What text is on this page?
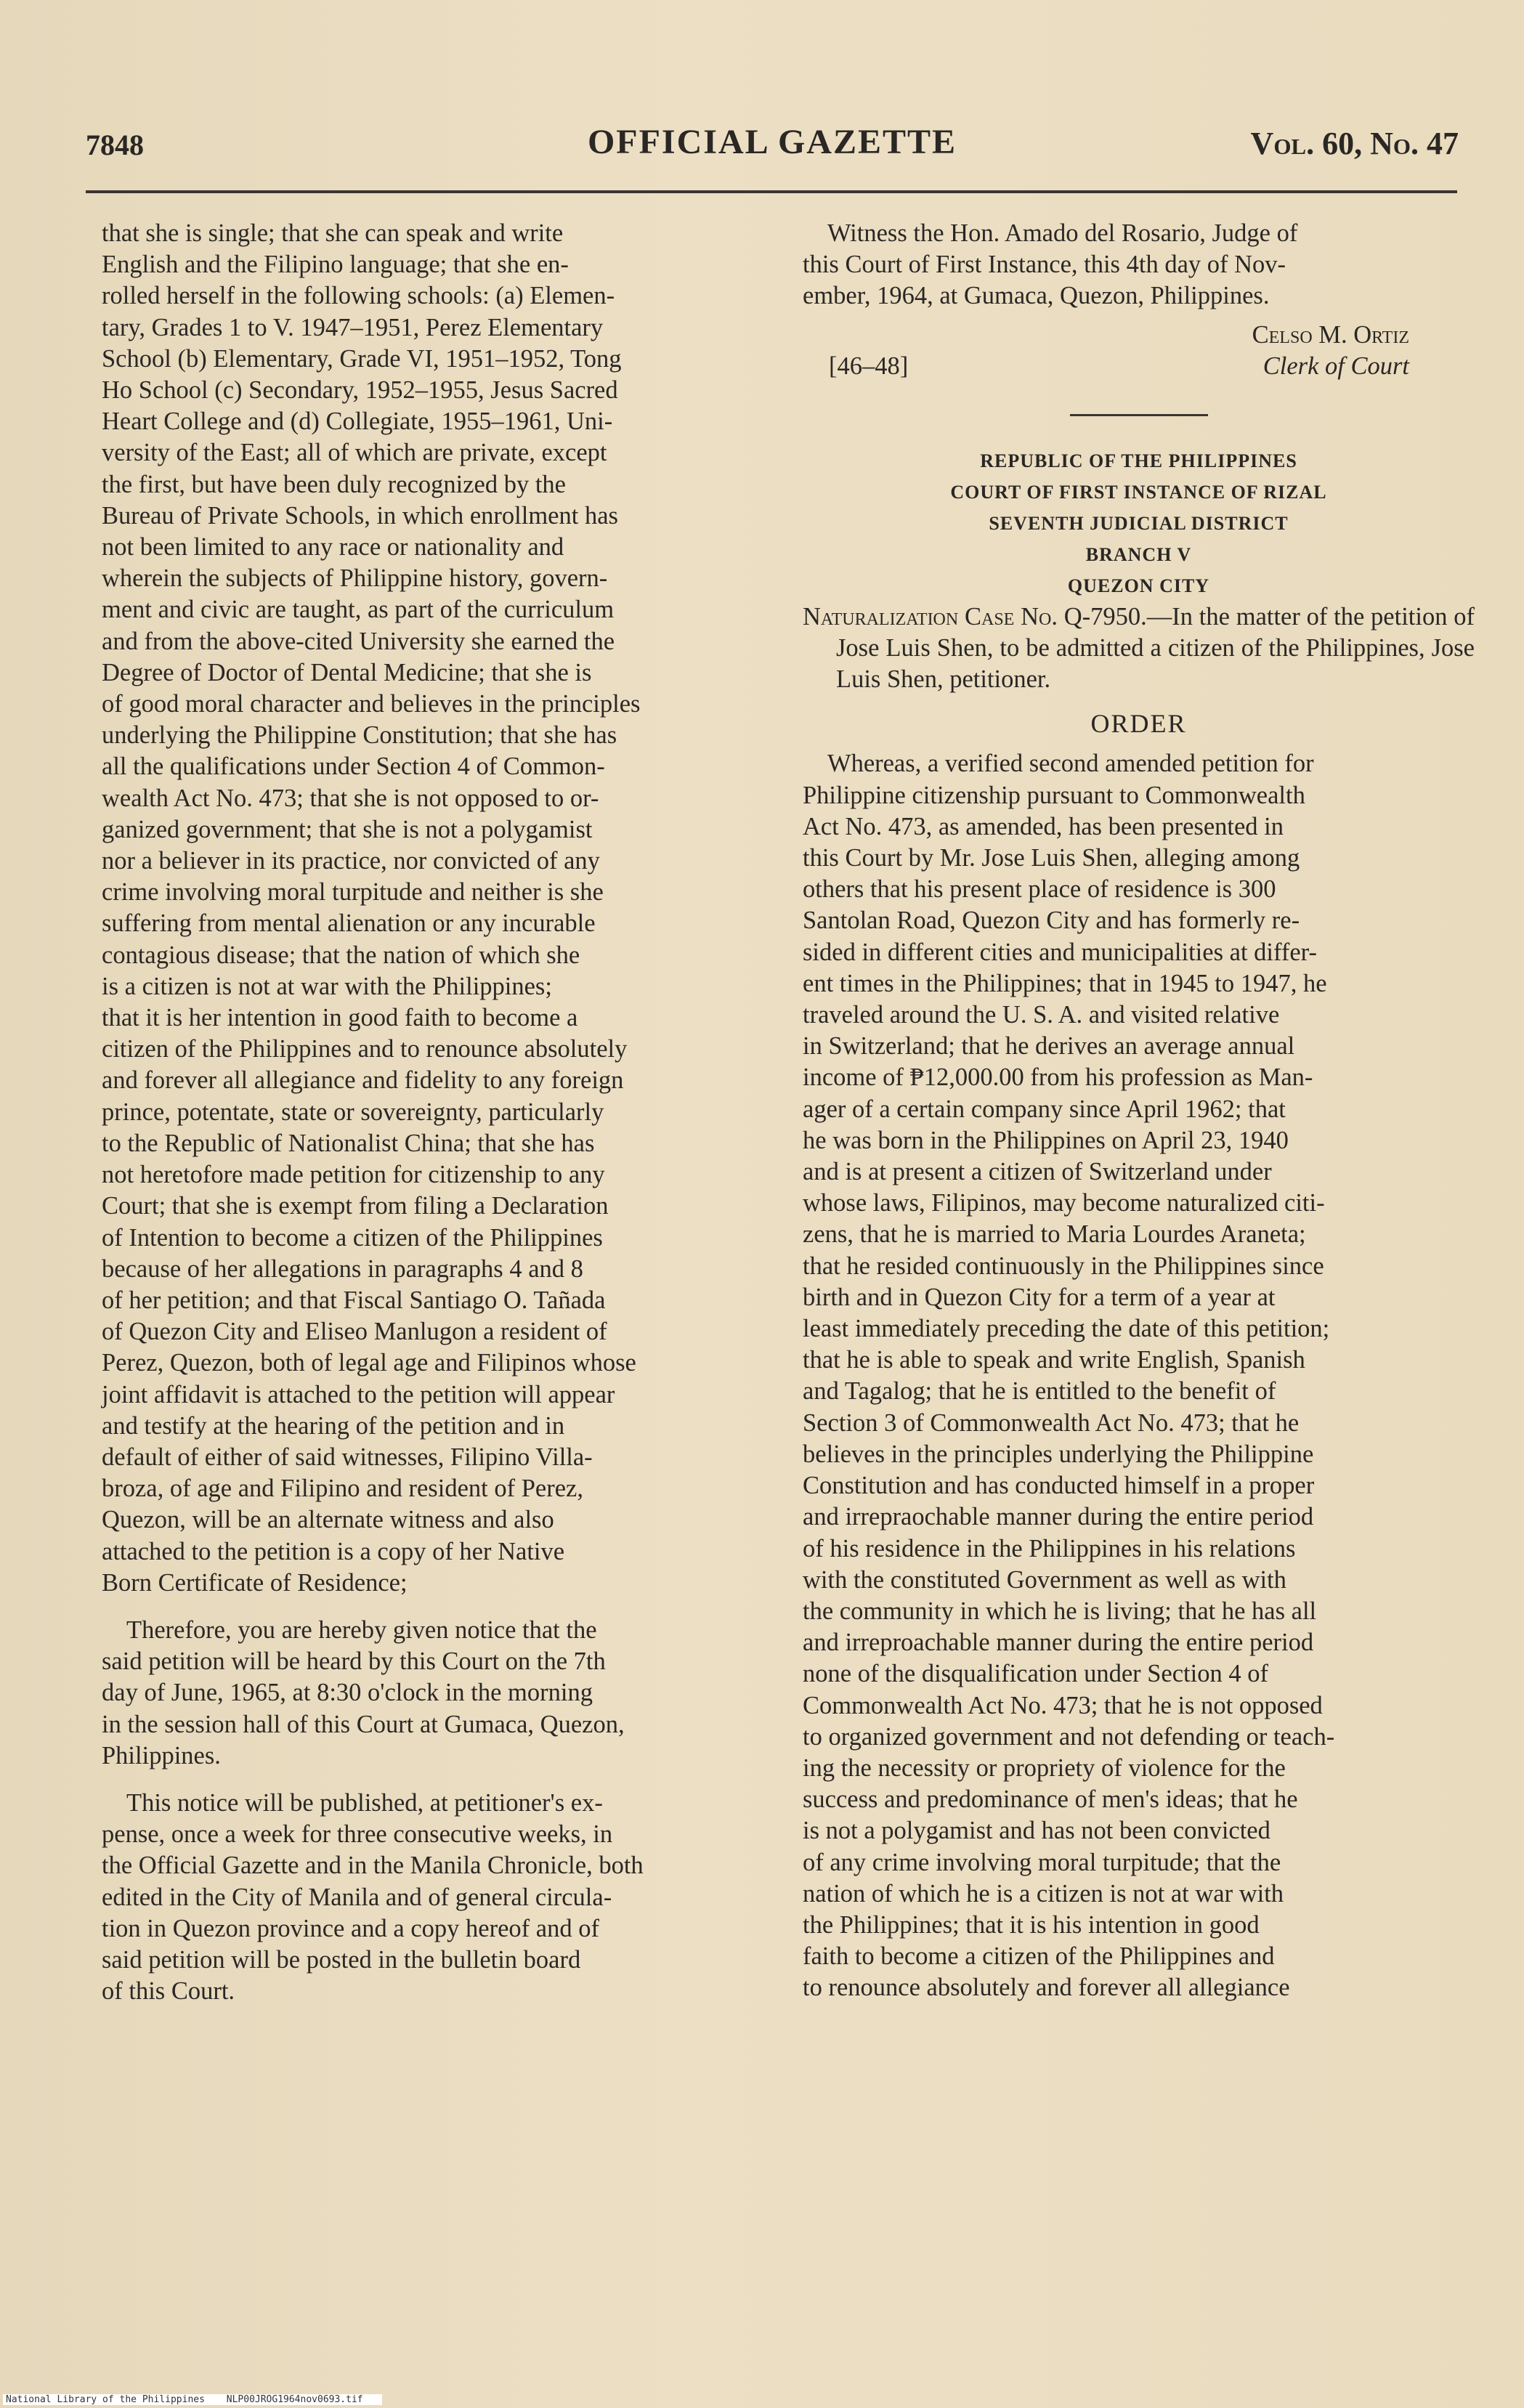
7848	OFFICIAL GAZETTE	Vol. 60, No. 47
that she is single; that she can speak and write
English and the Filipino language; that she en-
rolled herself in the following schools: (a) Elemen-
tary, Grades 1 to V. 1947–1951, Perez Elementary
School (b) Elementary, Grade VI, 1951–1952, Tong
Ho School (c) Secondary, 1952–1955, Jesus Sacred
Heart College and (d) Collegiate, 1955–1961, Uni-
versity of the East; all of which are private, except
the first, but have been duly recognized by the
Bureau of Private Schools, in which enrollment has
not been limited to any race or nationality and
wherein the subjects of Philippine history, govern-
ment and civic are taught, as part of the curriculum
and from the above-cited University she earned the
Degree of Doctor of Dental Medicine; that she is
of good moral character and believes in the principles
underlying the Philippine Constitution; that she has
all the qualifications under Section 4 of Common-
wealth Act No. 473; that she is not opposed to or-
ganized government; that she is not a polygamist
nor a believer in its practice, nor convicted of any
crime involving moral turpitude and neither is she
suffering from mental alienation or any incurable
contagious disease; that the nation of which she
is a citizen is not at war with the Philippines;
that it is her intention in good faith to become a
citizen of the Philippines and to renounce absolutely
and forever all allegiance and fidelity to any foreign
prince, potentate, state or sovereignty, particularly
to the Republic of Nationalist China; that she has
not heretofore made petition for citizenship to any
Court; that she is exempt from filing a Declaration
of Intention to become a citizen of the Philippines
because of her allegations in paragraphs 4 and 8
of her petition; and that Fiscal Santiago O. Tañada
of Quezon City and Eliseo Manlugon a resident of
Perez, Quezon, both of legal age and Filipinos whose
joint affidavit is attached to the petition will appear
and testify at the hearing of the petition and in
default of either of said witnesses, Filipino Villa-
broza, of age and Filipino and resident of Perez,
Quezon, will be an alternate witness and also
attached to the petition is a copy of her Native
Born Certificate of Residence;
Therefore, you are hereby given notice that the
said petition will be heard by this Court on the 7th
day of June, 1965, at 8:30 o'clock in the morning
in the session hall of this Court at Gumaca, Quezon,
Philippines.
This notice will be published, at petitioner's ex-
pense, once a week for three consecutive weeks, in
the Official Gazette and in the Manila Chronicle, both
edited in the City of Manila and of general circula-
tion in Quezon province and a copy hereof and of
said petition will be posted in the bulletin board
of this Court.
Witness the Hon. Amado del Rosario, Judge of
this Court of First Instance, this 4th day of Nov-
ember, 1964, at Gumaca, Quezon, Philippines.
Celso M. Ortiz
[46–48]	Clerk of Court
REPUBLIC OF THE PHILIPPINES
COURT OF FIRST INSTANCE OF RIZAL
SEVENTH JUDICIAL DISTRICT
BRANCH V
QUEZON CITY

Naturalization Case No. Q-7950.—In the matter of the petition of Jose Luis Shen, to be admitted a citizen of the Philippines, Jose Luis Shen, petitioner.

ORDER
Whereas, a verified second amended petition for
Philippine citizenship pursuant to Commonwealth
Act No. 473, as amended, has been presented in
this Court by Mr. Jose Luis Shen, alleging among
others that his present place of residence is 300
Santolan Road, Quezon City and has formerly re-
sided in different cities and municipalities at differ-
ent times in the Philippines; that in 1945 to 1947, he
traveled around the U. S. A. and visited relative
in Switzerland; that he derives an average annual
income of ₱12,000.00 from his profession as Man-
ager of a certain company since April 1962; that
he was born in the Philippines on April 23, 1940
and is at present a citizen of Switzerland under
whose laws, Filipinos, may become naturalized citi-
zens, that he is married to Maria Lourdes Araneta;
that he resided continuously in the Philippines since
birth and in Quezon City for a term of a year at
least immediately preceding the date of this petition;
that he is able to speak and write English, Spanish
and Tagalog; that he is entitled to the benefit of
Section 3 of Commonwealth Act No. 473; that he
believes in the principles underlying the Philippine
Constitution and has conducted himself in a proper
and irrepraochable manner during the entire period
of his residence in the Philippines in his relations
with the constituted Government as well as with
the community in which he is living; that he has all
and irreproachable manner during the entire period
none of the disqualification under Section 4 of
Commonwealth Act No. 473; that he is not opposed
to organized government and not defending or teach-
ing the necessity or propriety of violence for the
success and predominance of men's ideas; that he
is not a polygamist and has not been convicted
of any crime involving moral turpitude; that the
nation of which he is a citizen is not at war with
the Philippines; that it is his intention in good
faith to become a citizen of the Philippines and
to renounce absolutely and forever all allegiance
National Library of the Philippines NLP00JROG1964nov0693.tif
